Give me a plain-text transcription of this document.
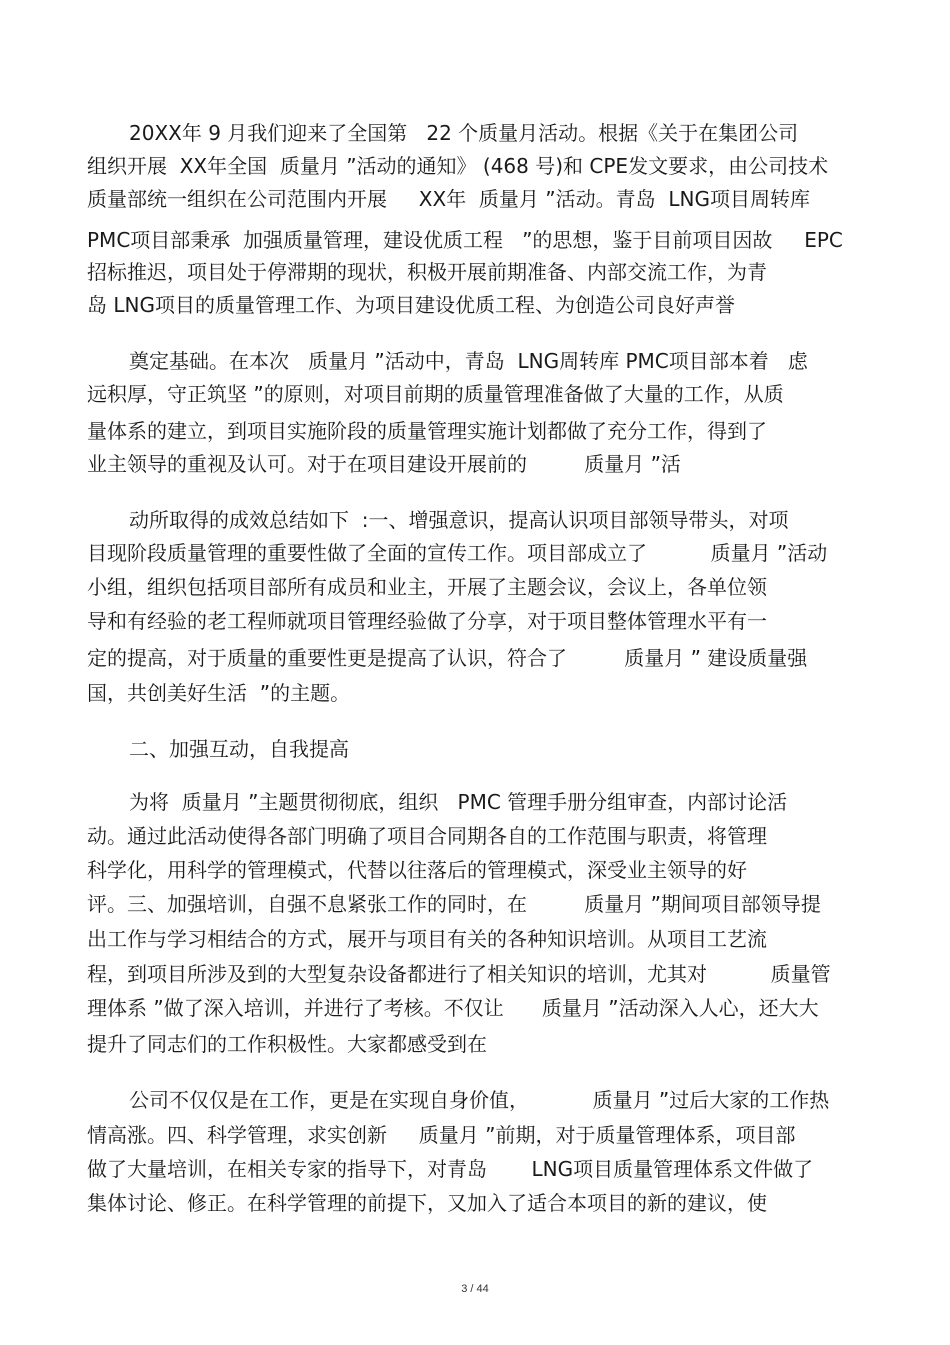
20XX年 9 月我们迎来了全国第   22 个质量月活动。根据《关于在集团公司
组织开展  XX年全国  质量月 ”活动的通知》 (468 号)和 CPE发文要求，由公司技术
质量部统一组织在公司范围内开展     XX年  质量月 ”活动。青岛  LNG项目周转库
PMC项目部秉承  加强质量管理，建设优质工程   ”的思想，鉴于目前项目因故     EPC
招标推迟，项目处于停滞期的现状，积极开展前期准备、内部交流工作，为青
岛 LNG项目的质量管理工作、为项目建设优质工程、为创造公司良好声誉
奠定基础。在本次   质量月 ”活动中，青岛  LNG周转库 PMC项目部本着   虑
远积厚，守正筑坚 ”的原则，对项目前期的质量管理准备做了大量的工作，从质
量体系的建立，到项目实施阶段的质量管理实施计划都做了充分工作，得到了
业主领导的重视及认可。对于在项目建设开展前的         质量月 ”活
动所取得的成效总结如下  :一、增强意识，提高认识项目部领导带头，对项
目现阶段质量管理的重要性做了全面的宣传工作。项目部成立了          质量月 ”活动
小组，组织包括项目部所有成员和业主，开展了主题会议，会议上，各单位领
导和有经验的老工程师就项目管理经验做了分享，对于项目整体管理水平有一
定的提高，对于质量的重要性更是提高了认识，符合了         质量月 ” 建设质量强
国，共创美好生活  ”的主题。
二、加强互动，自我提高
为将  质量月 ”主题贯彻彻底，组织   PMC 管理手册分组审查，内部讨论活
动。通过此活动使得各部门明确了项目合同期各自的工作范围与职责，将管理
科学化，用科学的管理模式，代替以往落后的管理模式，深受业主领导的好
评。三、加强培训，自强不息紧张工作的同时，在         质量月 ”期间项目部领导提
出工作与学习相结合的方式，展开与项目有关的各种知识培训。从项目工艺流
程，到项目所涉及到的大型复杂设备都进行了相关知识的培训，尤其对          质量管
理体系 ”做了深入培训，并进行了考核。不仅让      质量月 ”活动深入人心，还大大
提升了同志们的工作积极性。大家都感受到在
公司不仅仅是在工作，更是在实现自身价值，          质量月 ”过后大家的工作热
情高涨。四、科学管理，求实创新     质量月 ”前期，对于质量管理体系，项目部
做了大量培训，在相关专家的指导下，对青岛       LNG项目质量管理体系文件做了
集体讨论、修正。在科学管理的前提下，又加入了适合本项目的新的建议，使
3 / 44
